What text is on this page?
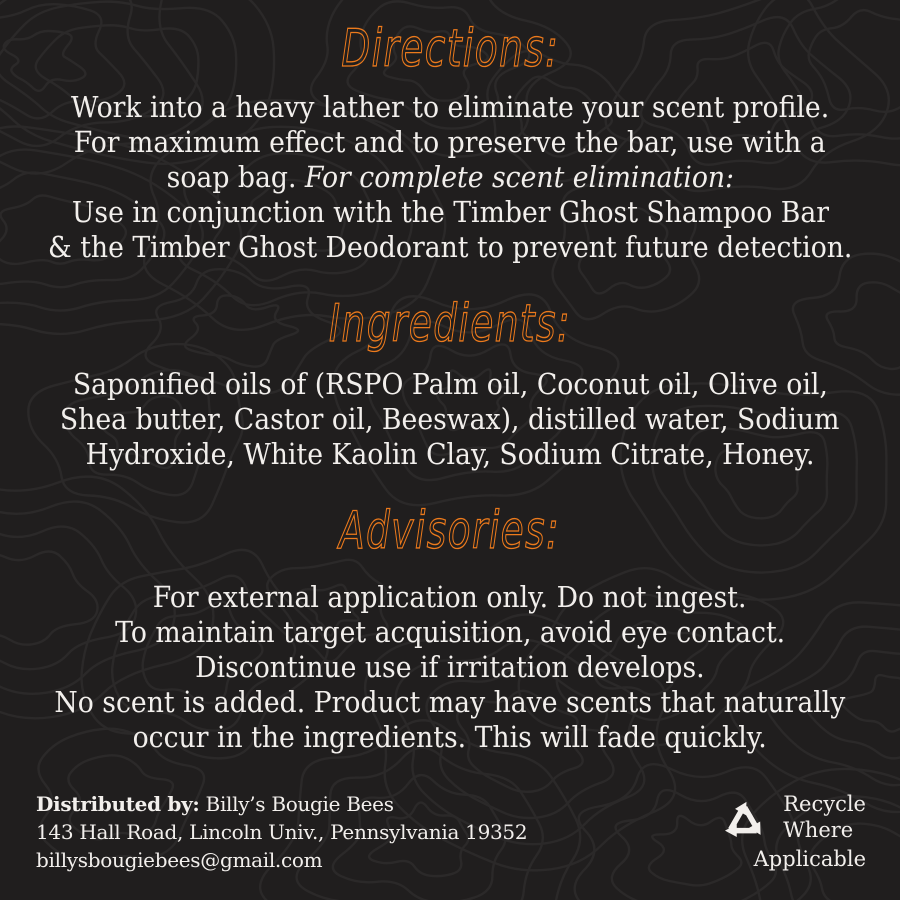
Directions:
Work into a heavy lather to eliminate your scent profile.
For maximum effect and to preserve the bar, use with a
soap bag. For complete scent elimination:
Use in conjunction with the Timber Ghost Shampoo Bar
& the Timber Ghost Deodorant to prevent future detection.
Ingredients:
Saponified oils of (RSPO Palm oil, Coconut oil, Olive oil,
Shea butter, Castor oil, Beeswax), distilled water, Sodium
Hydroxide, White Kaolin Clay, Sodium Citrate, Honey.
Advisories:
For external application only. Do not ingest.
To maintain target acquisition, avoid eye contact.
Discontinue use if irritation develops.
No scent is added. Product may have scents that naturally
occur in the ingredients. This will fade quickly.
Distributed by: Billy’s Bougie Bees
143 Hall Road, Lincoln Univ., Pennsylvania 19352
billysbougiebees@gmail.com
Recycle
Where
Applicable
